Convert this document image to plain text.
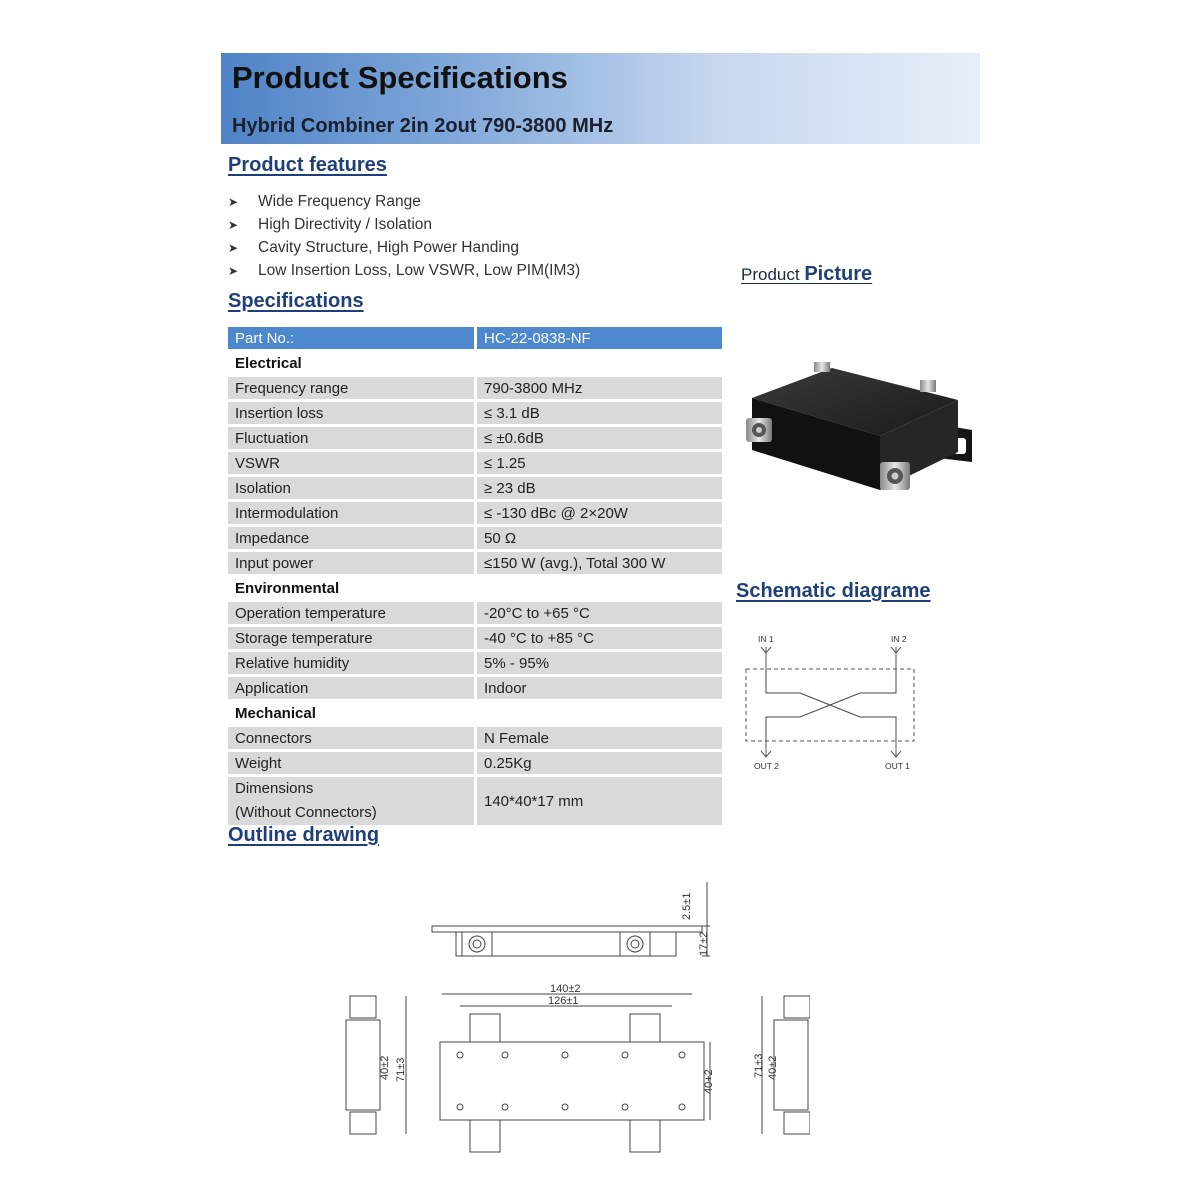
Product Specifications
Hybrid Combiner 2in 2out 790-3800 MHz
Product features
➤	Wide Frequency Range
➤	High Directivity / Isolation
➤	Cavity Structure, High Power Handing
➤	Low Insertion Loss, Low VSWR, Low PIM(IM3)
Specifications
Part No.:	HC-22-0838-NF
Electrical	
Frequency range	790-3800 MHz
Insertion loss	≤ 3.1 dB
Fluctuation	≤ ±0.6dB
VSWR	≤ 1.25
Isolation	≥ 23 dB
Intermodulation	≤ -130 dBc @ 2×20W
Impedance	50 Ω
Input power	≤150 W (avg.), Total 300 W
Environmental	
Operation temperature	-20°C to +65 °C
Storage temperature	-40 °C to +85 °C
Relative humidity	5% - 95%
Application	Indoor
Mechanical	
Connectors	N Female
Weight	0.25Kg

Dimensions
(Without Connectors)	140*40*17 mm
Product Picture
Schematic diagrame
IN 1	IN 2
OUT 2	OUT 1
Outline drawing
2.5±1
17±2
140±2
126±1
40+2
40±2 71±3	71±3 40±2
